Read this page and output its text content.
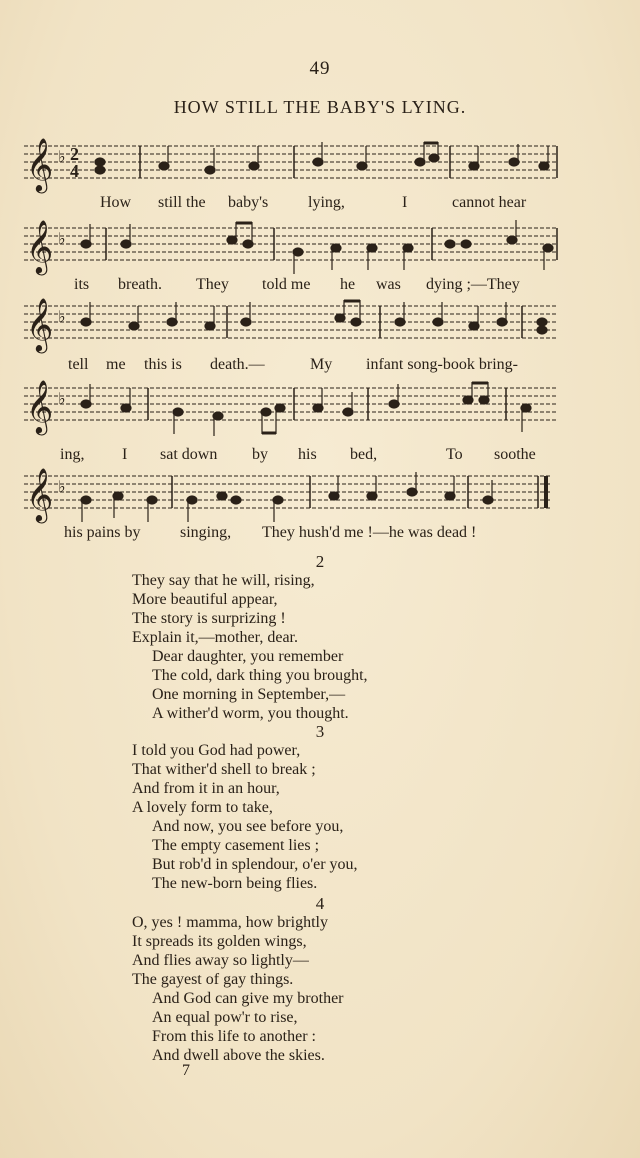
49
HOW STILL THE BABY'S LYING.
𝄞 ♭ 2
4
How still the baby's lying,	I	cannot hear
𝄞 ♭
its breath. They told me he was dying ;—They
𝄞 ♭
tell me this is death.—	My infant song-book bring-
𝄞 ♭
ing, I sat down by his bed,	To soothe
𝄞 ♭
his pains by singing, They hush'd me !—he was dead !
2
They say that he will, rising,
More beautiful appear,
The story is surprizing !
Explain it,—mother, dear.
Dear daughter, you remember
The cold, dark thing you brought,
One morning in September,—
A wither'd worm, you thought.
3
I told you God had power,
That wither'd shell to break ;
And from it in an hour,
A lovely form to take,
And now, you see before you,
The empty casement lies ;
But rob'd in splendour, o'er you,
The new-born being flies.
4
O, yes ! mamma, how brightly
It spreads its golden wings,
And flies away so lightly—
The gayest of gay things.
And God can give my brother
An equal pow'r to rise,
From this life to another :
And dwell above the skies.
7
